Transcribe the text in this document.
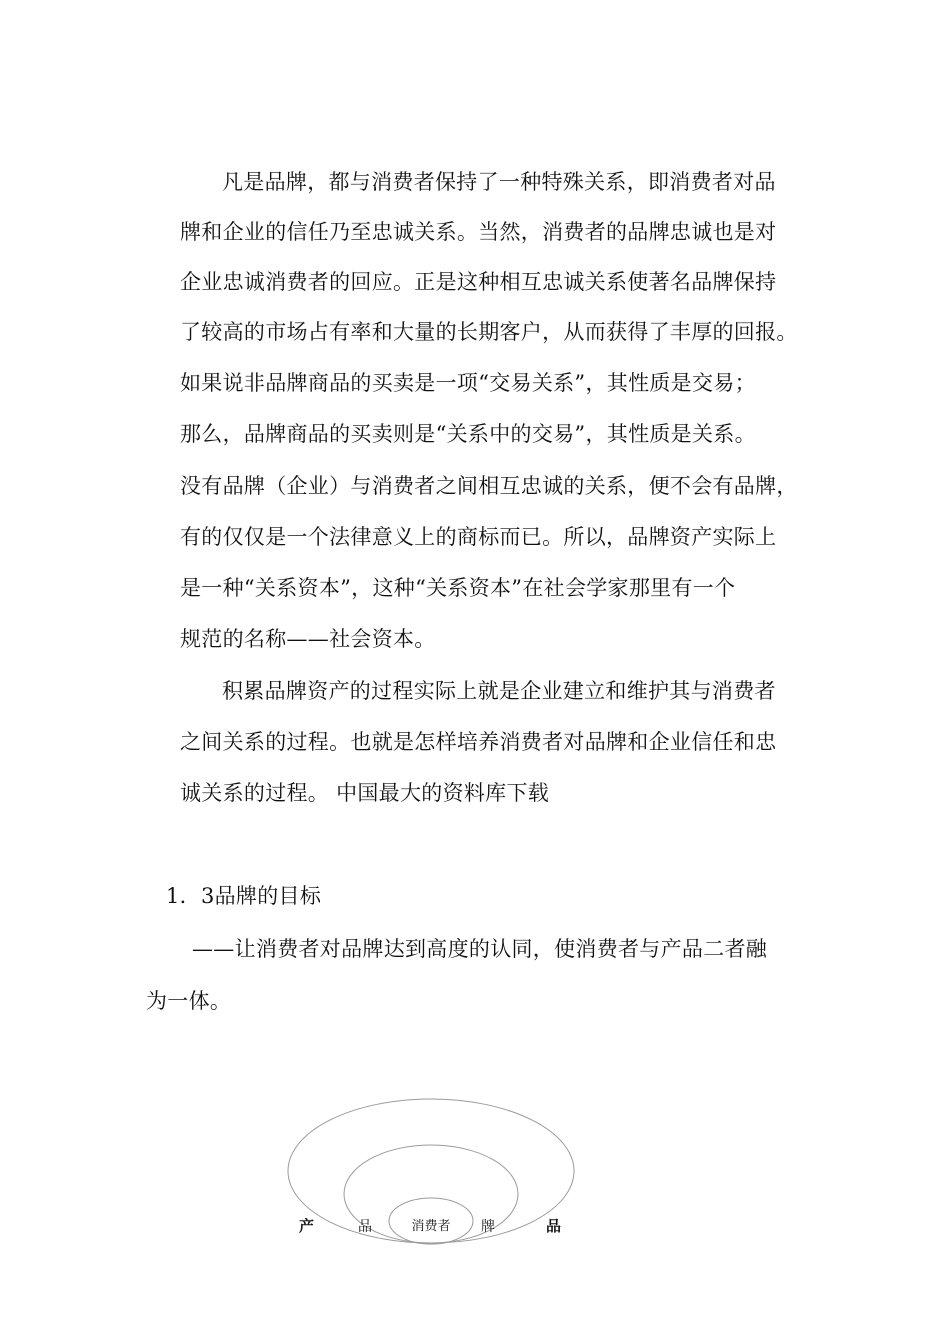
凡是品牌，都与消费者保持了一种特殊关系，即消费者对品
牌和企业的信任乃至忠诚关系。当然，消费者的品牌忠诚也是对
企业忠诚消费者的回应。正是这种相互忠诚关系使著名品牌保持
了较高的市场占有率和大量的长期客户，从而获得了丰厚的回报。
如果说非品牌商品的买卖是一项“交易关系”，其性质是交易；
那么，品牌商品的买卖则是“关系中的交易”，其性质是关系。
没有品牌（企业）与消费者之间相互忠诚的关系，便不会有品牌，
有的仅仅是一个法律意义上的商标而已。所以，品牌资产实际上
是一种“关系资本”，这种“关系资本”在社会学家那里有一个
规范的名称——社会资本。
积累品牌资产的过程实际上就是企业建立和维护其与消费者
之间关系的过程。也就是怎样培养消费者对品牌和企业信任和忠
诚关系的过程。 中国最大的资料库下载
1．3品牌的目标
——让消费者对品牌达到高度的认同，使消费者与产品二者融
为一体。
产	品	消费者 牌	品
